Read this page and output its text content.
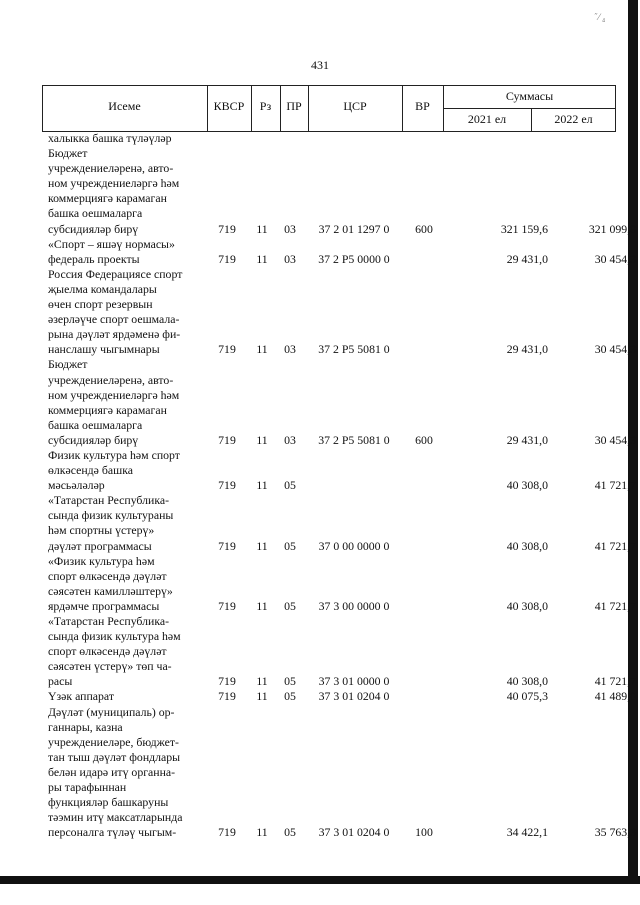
431
᷉ ⁄ ₄
Исеме	КВСР	Рз	ПР	ЦСР	ВР
Суммасы
2021 ел	2022 ел
халыкка башка түләүләр
Бюджет
учреждениеләренә, авто-
ном учреждениеләргә һәм
коммерциягә карамаган
башка оешмаларга
субсидияләр бирү	719	11	03	37 2 01 1297 0	600	321 159,6	321 099,8
«Спорт – яшәү нормасы»
федераль проекты	719	11	03	37 2 P5 0000 0	29 431,0	30 454,3
Россия Федерациясе спорт
җыелма командалары
өчен спорт резервын
әзерләүче спорт оешмала-
рына дәүләт ярдәменә фи-
нанслашу чыгымнары	719	11	03	37 2 P5 5081 0	29 431,0	30 454,3
Бюджет
учреждениеләренә, авто-
ном учреждениеләргә һәм
коммерциягә карамаган
башка оешмаларга
субсидияләр бирү	719	11	03	37 2 P5 5081 0	600	29 431,0	30 454,3
Физик культура һәм спорт
өлкәсендә башка
мәсьәләләр	719	11	05	40 308,0	41 721,7
«Татарстан Республика-
сында физик культураны
һәм спортны үстерү»
дәүләт программасы	719	11	05	37 0 00 0000 0	40 308,0	41 721,7
«Физик культура һәм
спорт өлкәсендә дәүләт
сәясәтен камилләштерү»
ярдәмче программасы	719	11	05	37 3 00 0000 0	40 308,0	41 721,7
«Татарстан Республика-
сында физик культура һәм
спорт өлкәсендә дәүләт
сәясәтен үстерү» төп ча-
расы	719	11	05	37 3 01 0000 0	40 308,0	41 721,7
Үзәк аппарат	719	11	05	37 3 01 0204 0	40 075,3	41 489,0
Дәүләт (муниципаль) ор-
ганнары, казна
учреждениеләре, бюджет-
тан тыш дәүләт фондлары
белән идарә итү органна-
ры тарафыннан
функцияләр башкаруны
тәэмин итү максатларында
персоналга түләү чыгым-	719	11	05	37 3 01 0204 0	100	34 422,1	35 763,3
